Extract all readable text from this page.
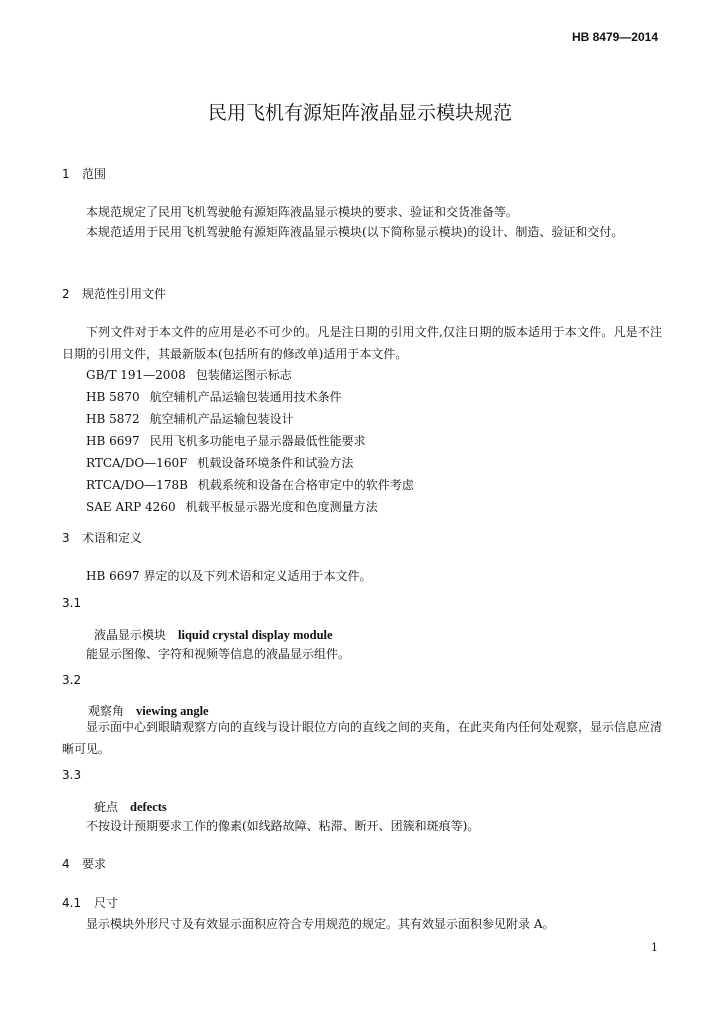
HB 8479—2014
民用飞机有源矩阵液晶显示模块规范
1 范围
本规范规定了民用飞机驾驶舱有源矩阵液晶显示模块的要求、验证和交货准备等。
本规范适用于民用飞机驾驶舱有源矩阵液晶显示模块(以下简称显示模块)的设计、制造、验证和交付。
2 规范性引用文件
下列文件对于本文件的应用是必不可少的。凡是注日期的引用文件,仅注日期的版本适用于本文件。凡是不注日期的引用文件，其最新版本(包括所有的修改单)适用于本文件。
GB/T 191—2008 包装储运图示标志
HB 5870 航空辅机产品运输包装通用技术条件
HB 5872 航空辅机产品运输包装设计
HB 6697 民用飞机多功能电子显示器最低性能要求
RTCA/DO—160F 机载设备环境条件和试验方法
RTCA/DO—178B 机载系统和设备在合格审定中的软件考虑
SAE ARP 4260 机载平板显示器光度和色度测量方法
3 术语和定义
HB 6697 界定的以及下列术语和定义适用于本文件。
3.1
液晶显示模块 liquid crystal display module
能显示图像、字符和视频等信息的液晶显示组件。
3.2
观察角 viewing angle
显示面中心到眼睛观察方向的直线与设计眼位方向的直线之间的夹角，在此夹角内任何处观察，显示信息应清晰可见。
3.3
疵点 defects
不按设计预期要求工作的像素(如线路故障、粘滞、断开、团簇和斑痕等)。
4 要求
4.1 尺寸
显示模块外形尺寸及有效显示面积应符合专用规范的规定。其有效显示面积参见附录 A。
1
